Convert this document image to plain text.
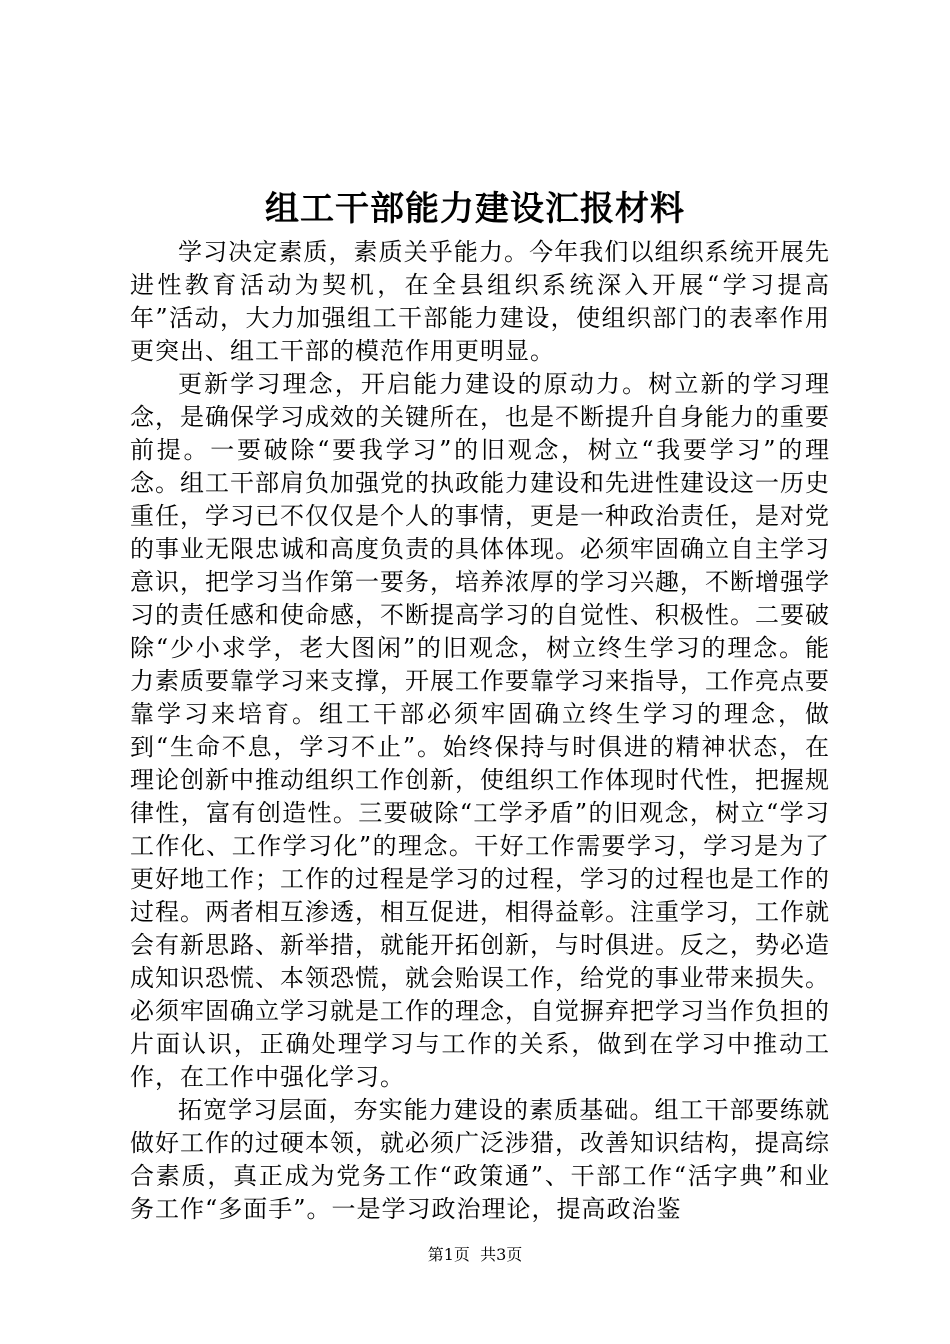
组工干部能力建设汇报材料

学习决定素质，素质关乎能力。今年我们以组织系统开展先进性教育活动为契机，在全县组织系统深入开展“学习提高年”活动，大力加强组工干部能力建设，使组织部门的表率作用更突出、组工干部的模范作用更明显。

更新学习理念，开启能力建设的原动力。树立新的学习理念，是确保学习成效的关键所在，也是不断提升自身能力的重要前提。一要破除“要我学习”的旧观念，树立“我要学习”的理念。组工干部肩负加强党的执政能力建设和先进性建设这一历史重任，学习已不仅仅是个人的事情，更是一种政治责任，是对党的事业无限忠诚和高度负责的具体体现。必须牢固确立自主学习意识，把学习当作第一要务，培养浓厚的学习兴趣，不断增强学习的责任感和使命感，不断提高学习的自觉性、积极性。二要破除“少小求学，老大图闲”的旧观念，树立终生学习的理念。能力素质要靠学习来支撑，开展工作要靠学习来指导，工作亮点要靠学习来培育。组工干部必须牢固确立终生学习的理念，做到“生命不息，学习不止”。始终保持与时俱进的精神状态，在理论创新中推动组织工作创新，使组织工作体现时代性，把握规律性，富有创造性。三要破除“工学矛盾”的旧观念，树立“学习工作化、工作学习化”的理念。干好工作需要学习，学习是为了更好地工作；工作的过程是学习的过程，学习的过程也是工作的过程。两者相互渗透，相互促进，相得益彰。注重学习，工作就会有新思路、新举措，就能开拓创新，与时俱进。反之，势必造成知识恐慌、本领恐慌，就会贻误工作，给党的事业带来损失。必须牢固确立学习就是工作的理念，自觉摒弃把学习当作负担的片面认识，正确处理学习与工作的关系，做到在学习中推动工作，在工作中强化学习。

拓宽学习层面，夯实能力建设的素质基础。组工干部要练就做好工作的过硬本领，就必须广泛涉猎，改善知识结构，提高综合素质，真正成为党务工作“政策通”、干部工作“活字典”和业务工作“多面手”。一是学习政治理论，提高政治鉴

第1页  共3页
